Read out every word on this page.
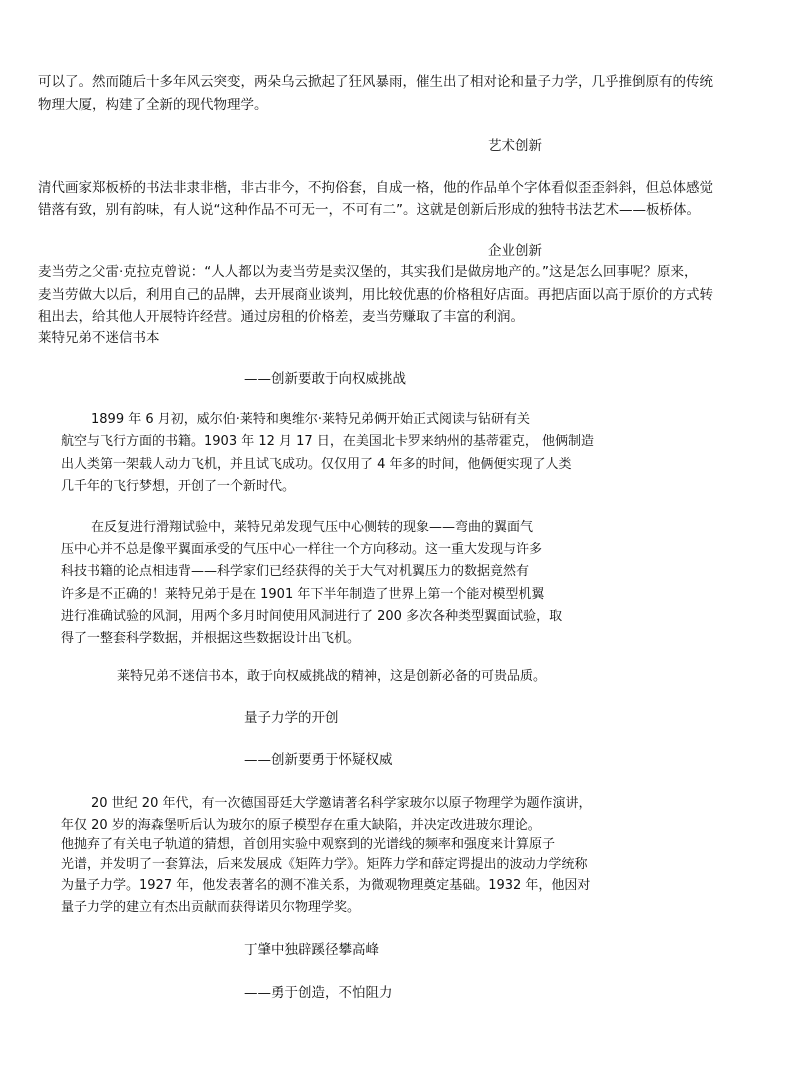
可以了。然而随后十多年风云突变，两朵乌云掀起了狂风暴雨，催生出了相对论和量子力学，几乎推倒原有的传统
物理大厦，构建了全新的现代物理学。
艺术创新
清代画家郑板桥的书法非隶非楷，非古非今，不拘俗套，自成一格，他的作品单个字体看似歪歪斜斜，但总体感觉
错落有致，别有韵味，有人说“这种作品不可无一，不可有二”。这就是创新后形成的独特书法艺术——板桥体。
企业创新
麦当劳之父雷·克拉克曾说：“人人都以为麦当劳是卖汉堡的，其实我们是做房地产的。”这是怎么回事呢？原来，
麦当劳做大以后，利用自己的品牌，去开展商业谈判，用比较优惠的价格租好店面。再把店面以高于原价的方式转
租出去，给其他人开展特许经营。通过房租的价格差，麦当劳赚取了丰富的利润。
莱特兄弟不迷信书本
——创新要敢于向权威挑战
1899 年 6 月初，威尔伯·莱特和奥维尔·莱特兄弟俩开始正式阅读与钻研有关
航空与飞行方面的书籍。1903 年 12 月 17 日，在美国北卡罗来纳州的基蒂霍克， 他俩制造
出人类第一架载人动力飞机，并且试飞成功。仅仅用了 4 年多的时间，他俩便实现了人类
几千年的飞行梦想，开创了一个新时代。
在反复进行滑翔试验中，莱特兄弟发现气压中心侧转的现象——弯曲的翼面气
压中心并不总是像平翼面承受的气压中心一样往一个方向移动。这一重大发现与许多
科技书籍的论点相违背——科学家们已经获得的关于大气对机翼压力的数据竟然有
许多是不正确的！莱特兄弟于是在 1901 年下半年制造了世界上第一个能对模型机翼
进行准确试验的风洞，用两个多月时间使用风洞进行了 200 多次各种类型翼面试验，取
得了一整套科学数据，并根据这些数据设计出飞机。
莱特兄弟不迷信书本，敢于向权威挑战的精神，这是创新必备的可贵品质。
量子力学的开创
——创新要勇于怀疑权威
20 世纪 20 年代，有一次德国哥廷大学邀请著名科学家玻尔以原子物理学为题作演讲，
年仅 20 岁的海森堡听后认为玻尔的原子模型存在重大缺陷，并决定改进玻尔理论。
他抛弃了有关电子轨道的猜想，首创用实验中观察到的光谱线的频率和强度来计算原子
光谱，并发明了一套算法，后来发展成《矩阵力学》。矩阵力学和薛定谔提出的波动力学统称
为量子力学。1927 年，他发表著名的测不准关系，为微观物理奠定基础。1932 年，他因对
量子力学的建立有杰出贡献而获得诺贝尔物理学奖。
丁肇中独辟蹊径攀高峰
——勇于创造，不怕阻力
